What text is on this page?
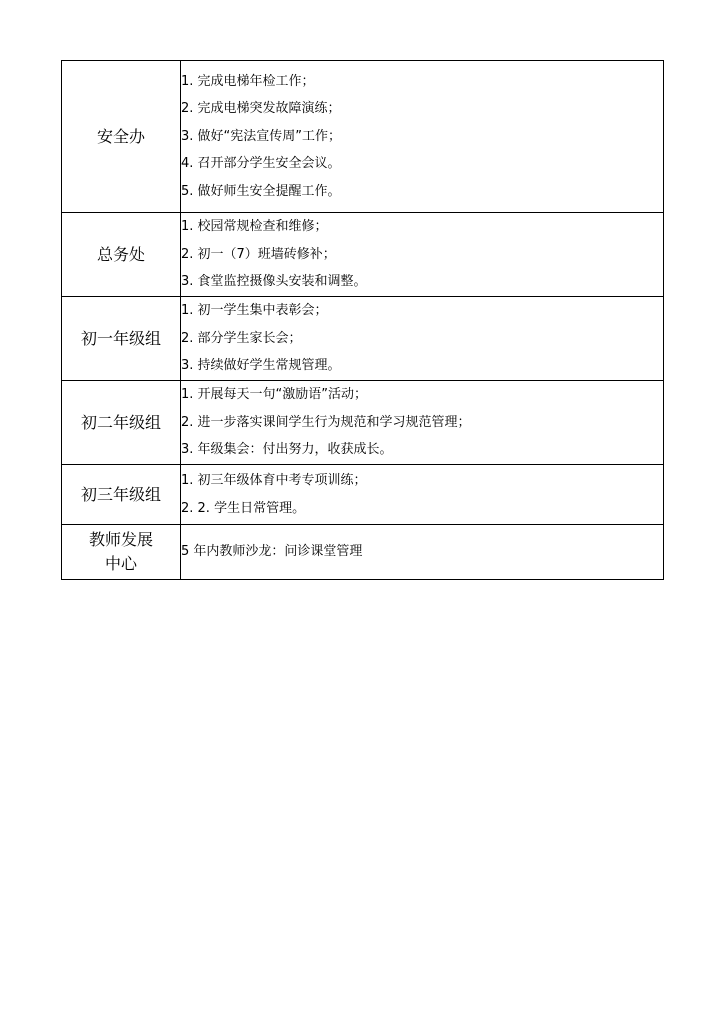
安全办	1. 完成电梯年检工作；
2. 完成电梯突发故障演练；
3. 做好“宪法宣传周”工作；
4. 召开部分学生安全会议。
5. 做好师生安全提醒工作。

总务处	1. 校园常规检查和维修；
2. 初一（7）班墙砖修补；
3. 食堂监控摄像头安装和调整。

初一年级组	1. 初一学生集中表彰会；
2. 部分学生家长会；
3. 持续做好学生常规管理。

初二年级组	1. 开展每天一句“激励语”活动；
2. 进一步落实课间学生行为规范和学习规范管理；
3. 年级集会：付出努力，收获成长。

初三年级组	1. 初三年级体育中考专项训练；
2. 2. 学生日常管理。

教师发展
中心	5 年内教师沙龙：问诊课堂管理
